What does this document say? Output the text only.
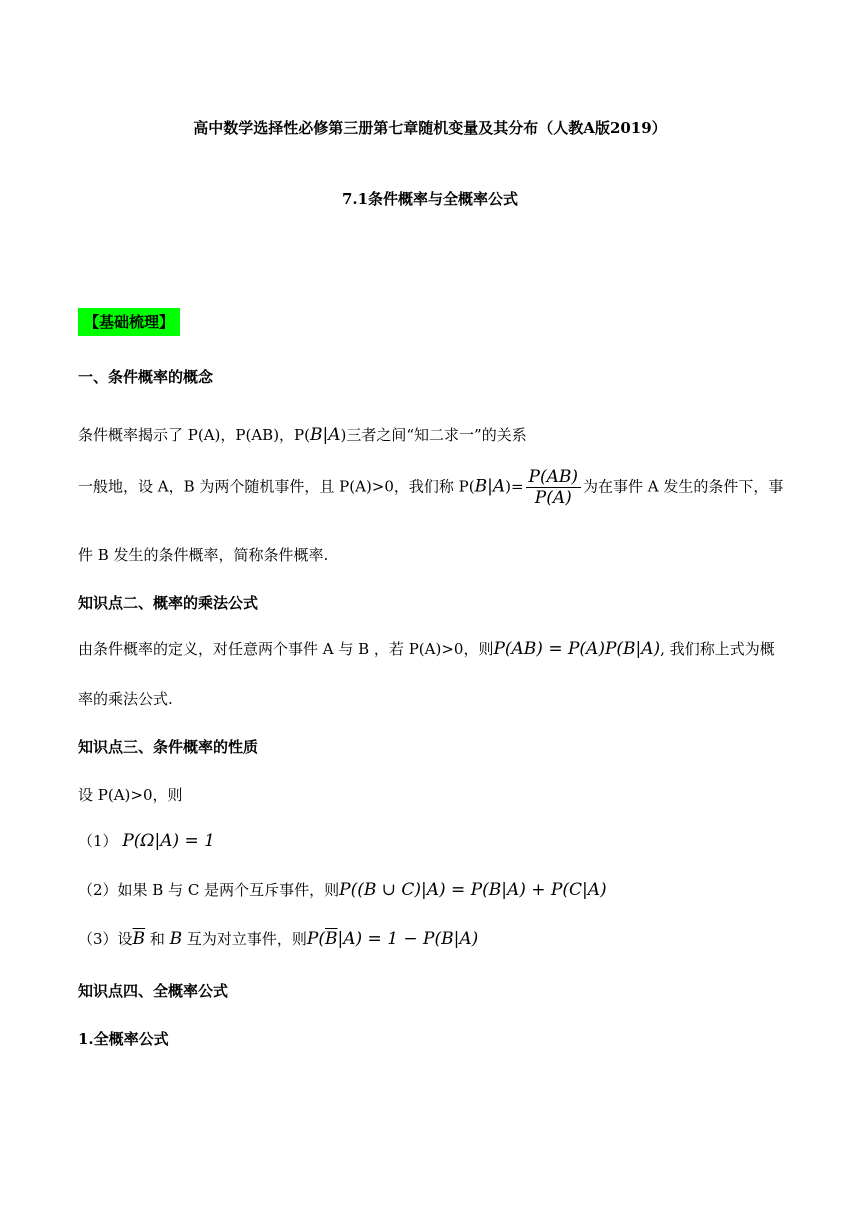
高中数学选择性必修第三册第七章随机变量及其分布（人教A版2019）
7.1条件概率与全概率公式
【基础梳理】
一、条件概率的概念
条件概率揭示了 P(A)，P(AB)，P(B|A)三者之间“知二求一”的关系
一般地，设 A，B 为两个随机事件，且 P(A)>0，我们称 $P(B|A)= \frac{P(AB)}{P(A)}$ 为在事件 A 发生的条件下，事
件 B 发生的条件概率，简称条件概率.
知识点二、概率的乘法公式
由条件概率的定义，对任意两个事件 A 与 B ，若 P(A)>0，则P(AB) = P(A)P(B|A), 我们称上式为概
率的乘法公式.
知识点三、条件概率的性质
设 P(A)>0，则
（1） P(Ω|A) = 1
（2）如果 B 与 C 是两个互斥事件，则P((B ∪ C)|A) = P(B|A) + P(C|A)
（3）设$\overline{B}$ 和 B 互为对立事件，则$P(\overline{B}|A) = 1 - P(B|A)$
知识点四、全概率公式
1.全概率公式
